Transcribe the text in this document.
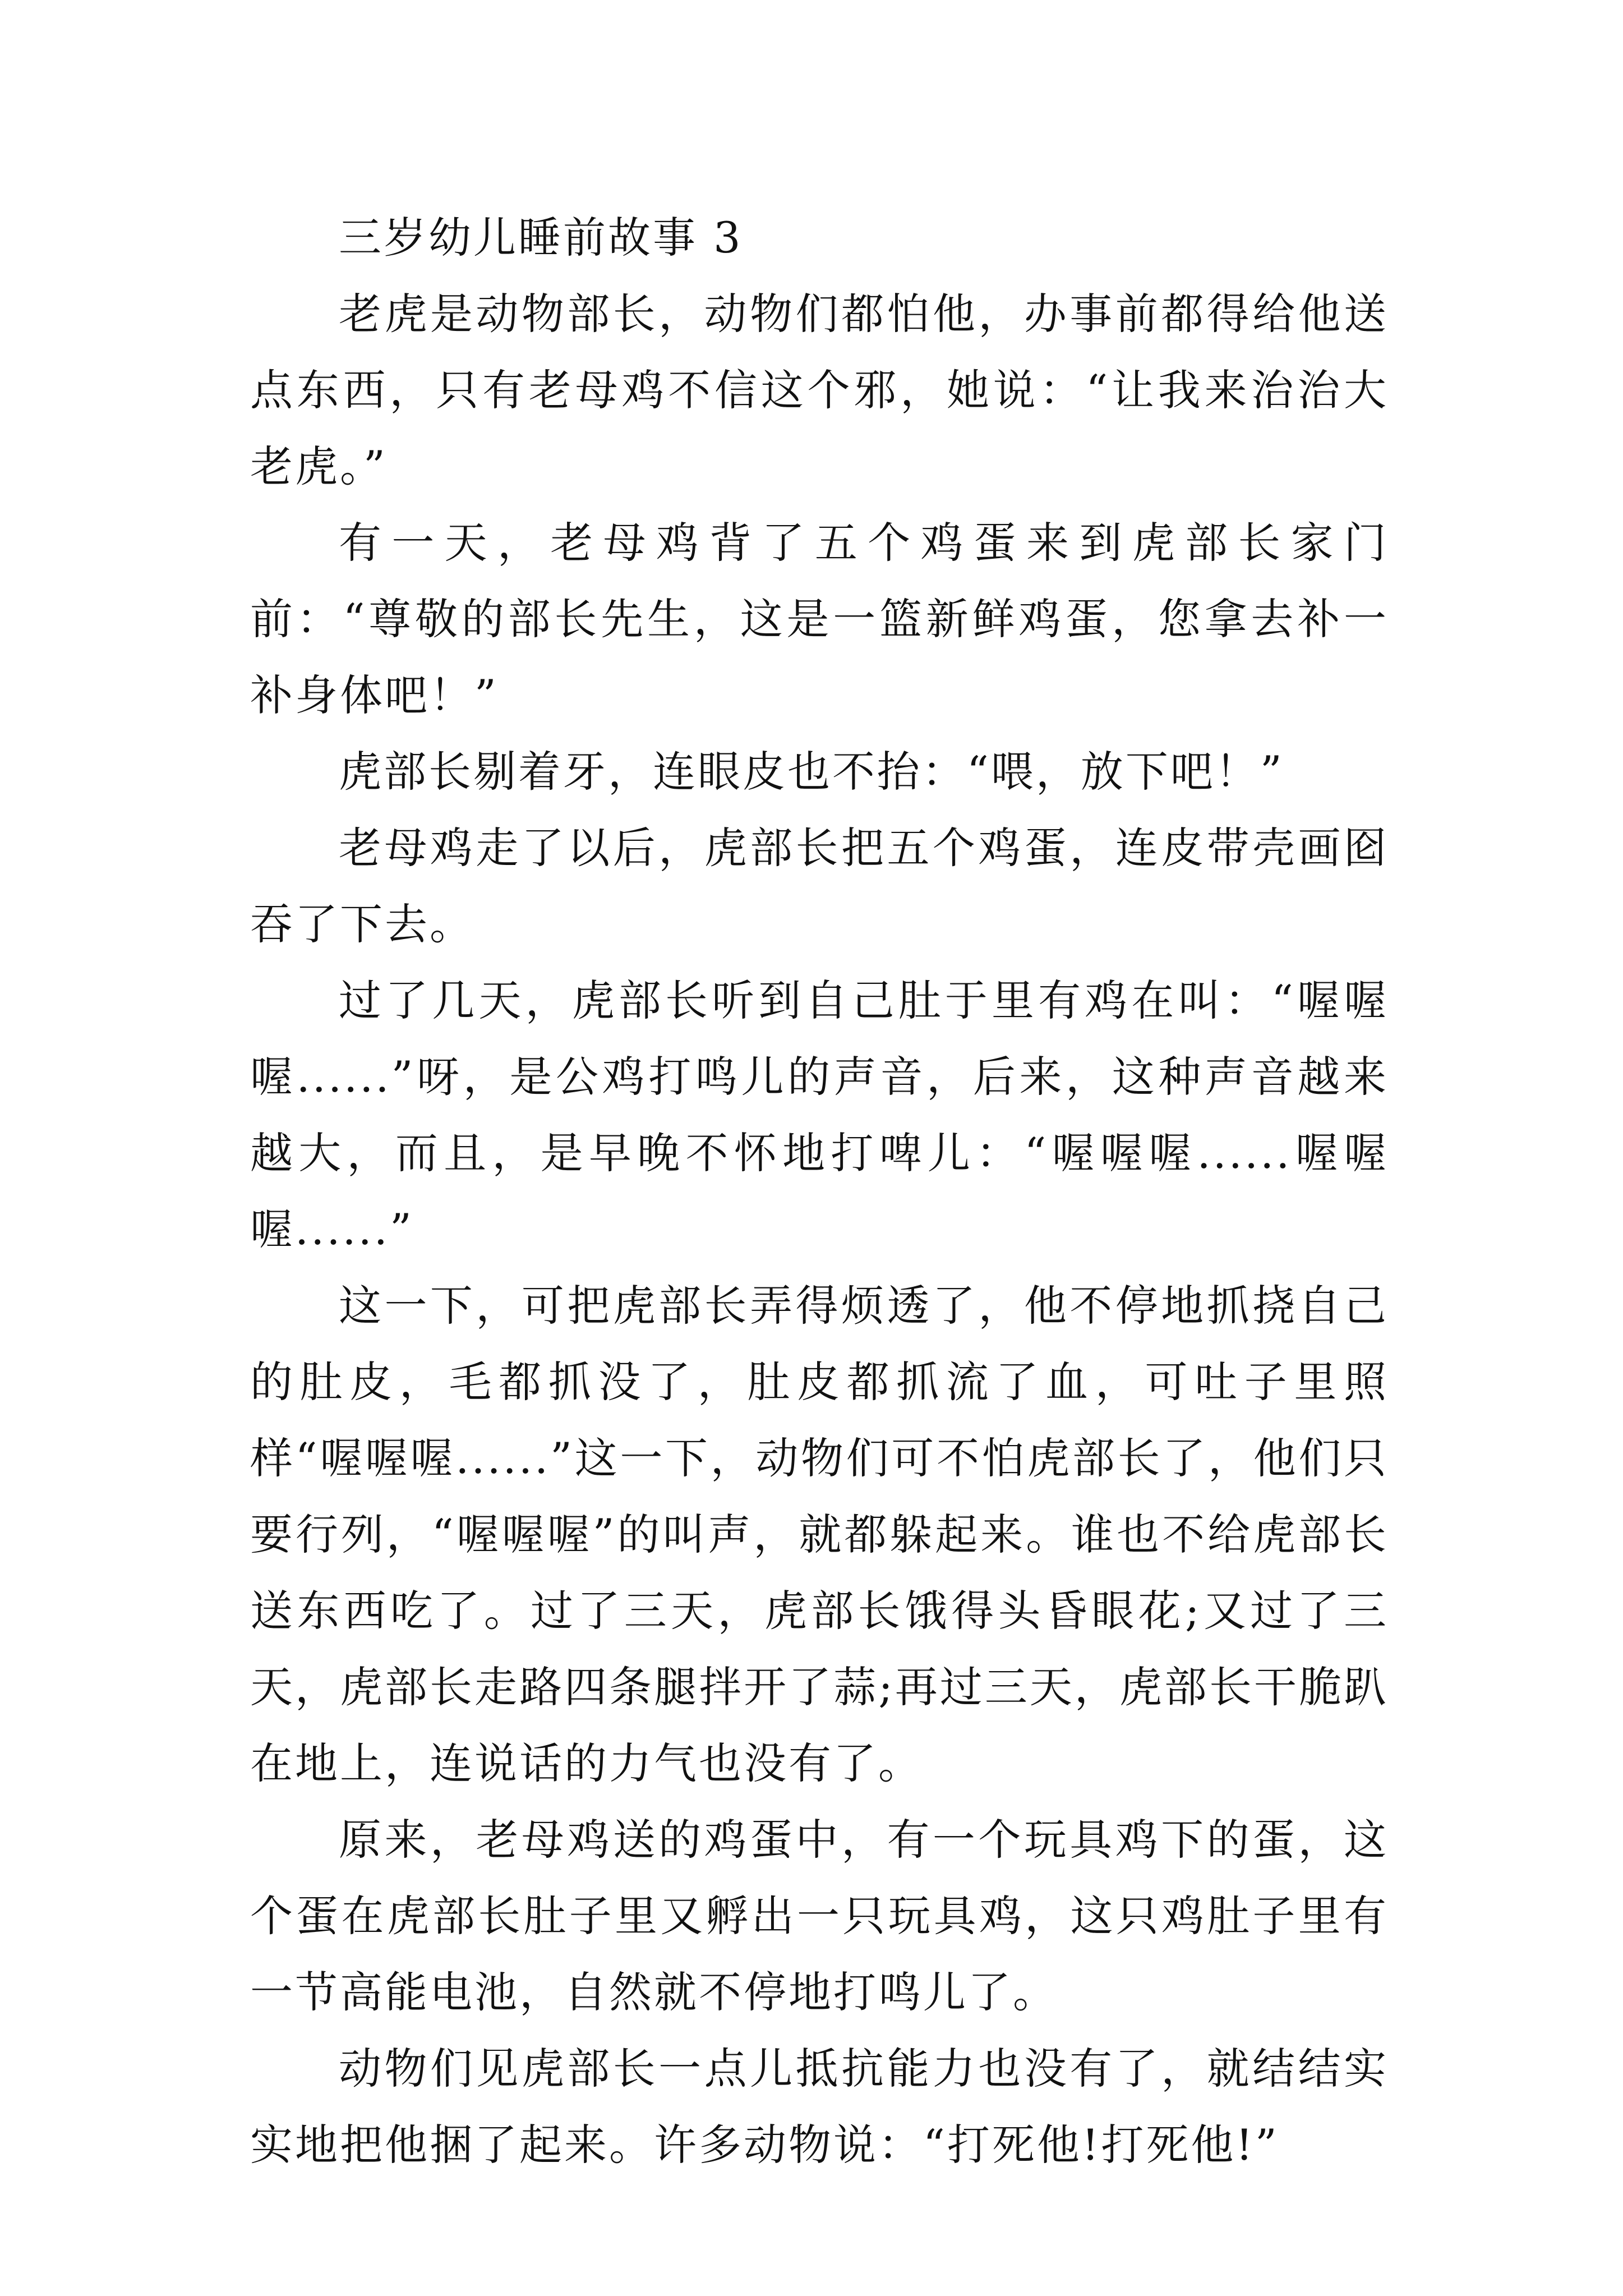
三岁幼儿睡前故事 3

老虎是动物部长，动物们都怕他，办事前都得给他送点东西，只有老母鸡不信这个邪，她说：“让我来治治大老虎。”

有一天，老母鸡背了五个鸡蛋来到虎部长家门前：“尊敬的部长先生，这是一篮新鲜鸡蛋，您拿去补一补身体吧！”

虎部长剔着牙，连眼皮也不抬：“喂，放下吧！”

老母鸡走了以后，虎部长把五个鸡蛋，连皮带壳画囵吞了下去。

过了几天，虎部长听到自己肚于里有鸡在叫：“喔喔喔......”呀，是公鸡打鸣儿的声音，后来，这种声音越来越大，而且，是早晚不怀地打啤儿：“喔喔喔......喔喔喔......”

这一下，可把虎部长弄得烦透了，他不停地抓挠自己的肚皮，毛都抓没了，肚皮都抓流了血，可吐子里照样“喔喔喔......”这一下，动物们可不怕虎部长了，他们只要行列，“喔喔喔”的叫声，就都躲起来。谁也不给虎部长送东西吃了。过了三天，虎部长饿得头昏眼花;又过了三天，虎部长走路四条腿拌开了蒜;再过三天，虎部长干脆趴在地上，连说话的力气也没有了。

原来，老母鸡送的鸡蛋中，有一个玩具鸡下的蛋，这个蛋在虎部长肚子里又孵出一只玩具鸡，这只鸡肚子里有一节高能电池，自然就不停地打鸣儿了。

动物们见虎部长一点儿抵抗能力也没有了，就结结实实地把他捆了起来。许多动物说：“打死他!打死他!”
